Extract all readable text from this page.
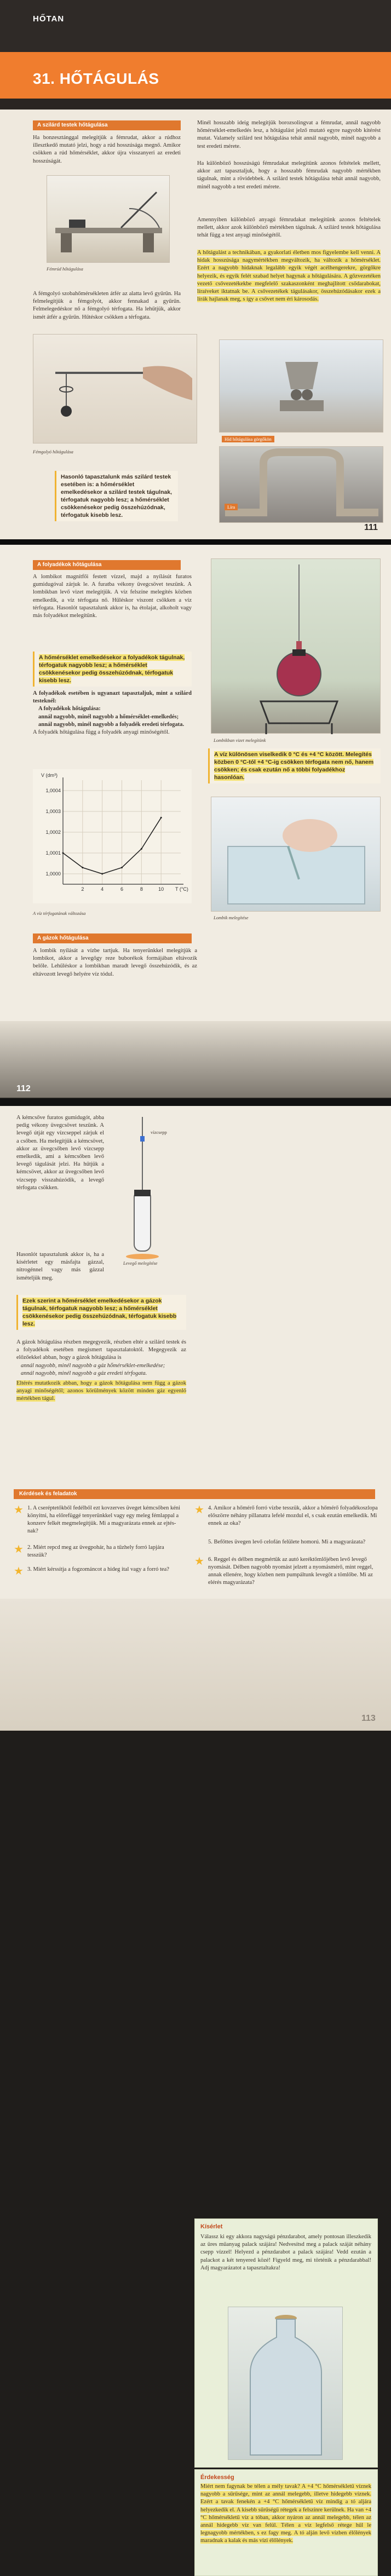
HŐTAN
31. HŐTÁGULÁS
A szilárd testek hőtágulása
Ha bonzesztánggal melegítjük a fémrudat, akkor a rúdhoz illesztkedő mutató jelzi, hogy a rúd hosszúsága megnő. Amikor csökken a rúd hőmérséklet, akkor újra visszanyeri az eredeti hosszúságát.
Fémrúd hőtágulása
A fémgolyó szobahőmérsékleten átfér az alatta levő gyűrűn. Ha felmelegítjük a fémgolyót, akkor fennakad a gyűrűn. Felmelegedéskor nő a fémgolyó térfogata. Ha lehűtjük, akkor ismét átfér a gyűrűn. Hűtéskor csökken a térfogata.
Fémgolyó hőtágulása
Hasonló tapasztalunk más szilárd testek esetében is: a hőmérséklet emelkedésekor a szilárd testek tágulnak, térfogatuk nagyobb lesz; a hőmérséklet csökkenésekor pedig összehúzódnak, térfogatuk kisebb lesz.
Minél hosszabb ideig melegítjük borozsolingvat a fémrudat, annál nagyobb hőmérséklet-emelkedés lesz, a hőtágulást jelző mutató egyre nagyobb kitérést mutat. Valamely szilárd test hőtágulása tehát annál nagyobb, minél nagyobb a test eredeti mérete.
Ha különböző hosszúságú fémrudakat melegítünk azonos feltételek mellett, akkor azt tapasztaljuk, hogy a hosszabb fémrudak nagyobb mértékben tágulnak, mint a rövidebbek. A szilárd testek hőtágulása tehát annál nagyobb, minél nagyobb a test eredeti mérete.
Amennyiben különböző anyagú fémrudakat melegítünk azonos feltételek mellett, akkor azok különböző mértékben tágulnak. A szilárd testek hőtágulása tehát függ a test anyagi minőségétől.
A hőtágulást a technikában, a gyakorlati életben mos figyelembe kell venni. A hidak hosszúsága nagymértékben megváltozik, ha változik a hőmérséklet. Ezért a nagyobb hidaknak legalább egyik végét acélhengerekre, görgőkre helyezik, és egyik felét szabad helyet hagynak a hőtágulására. A gőzvezetéken vezető csővezetékekbe megfelelő szakaszonként meghajlított csődarabokat, líraíveket iktatnak be. A csővezetékek tágulásakor, összehúzódásakor ezek a lírák hajlanak meg, s így a csővet nem éri károsodás.
Híd hőtágulása görgőkön
Líra
111
A folyadékok hőtágulása
A lombikot magnítfői festett vízzel, majd a nyílásút furatos gumidugóval zárjuk le. A furatba vékony üvegcsövet teszünk. A lombikban levő vizet melegítjük. A víz felszíne melegítés közben emelkedik, a víz térfogata nő. Hűléskor viszont csökken a víz térfogata. Hasonlót tapasztalunk akkor is, ha étolajat, alkoholt vagy más folyadékot melegítünk.
A hőmérséklet emelkedésekor a folyadékok tágulnak, térfogatuk nagyobb lesz; a hőmérséklet csökkenésekor pedig összehúzódnak, térfogatuk kisebb lesz.
A folyadékok esetében is ugyanazt tapasztaljuk, mint a szilárd testeknél:
A folyadékok hőtágulása:
annál nagyobb, minél nagyobb a hőmérséklet-emelkedés;
annál nagyobb, minél nagyobb a folyadék eredeti térfogata.
A folyadék hőtágulása függ a folyadék anyagi minőségétől.
1,0000
1,0001
1,0002
1,0003
1,0004
2	4	6	8	10
V (dm³)
T (°C)
A víz térfogatának változása
Lombikban vizet melegítünk
A víz különösen viselkedik 0 °C és +4 °C között. Melegítés közben 0 °C-tól +4 °C-ig csökken térfogata nem nő, hanem csökken; és csak ezután nő a többi folyadékhoz hasonlóan.
Lombik melegítése
A gázok hőtágulása
A lombik nyílását a vízbe tartjuk. Ha tenyerünkkel melegítjük a lombikot, akkor a levegőgy reze buborékok formájában eltávozik belőle. Lehűléskor a lombikban maradt levegő összehúzódik, és az eltávozott levegő helyére víz tódul.
112
A kémcsőve furatos gumidugót, abba pedig vékony üvegcsövet teszünk. A levegő útját egy vízcseppel zárjuk el a csőben. Ha melegítjük a kémcsövet, akkor az üvegcsőben levő vízcsepp emelkedik, ami a kémcsőben levő levegő tágulását jelzi. Ha hűtjük a kémcsövet, akkor az üvegcsőben levő vízcsepp visszahúzódik, a levegő térfogata csökken.
vízcsepp
Levegő melegítése
Hasonlót tapasztalunk akkor is, ha a kísérletet egy másfajta gázzal, nitrogénnel vagy más gázzal ismételjük meg.
Ezek szerint a hőmérséklet emelkedésekor a gázok tágulnak, térfogatuk nagyobb lesz; a hőmérséklet csökkenésekor pedig összehúzódnak, térfogatuk kisebb lesz.
A gázok hőtágulása részben megegyezik, részben eltér a szilárd testek és a folyadékok esetében megismert tapasztalatoktól. Megegyezik az előzőekkel abban, hogy a gázok hőtágulása is
annál nagyobb, minél nagyobb a gáz hőmérséklet-emelkedése;
annál nagyobb, minél nagyobb a gáz eredeti térfogata.
Eltérés mutatkozik abban, hogy a gázok hőtágulása nem függ a gázok anyagi minőségétől; azonos körülmények között minden gáz egyenlő mértékben tágul.
Kísérlet
Válassz ki egy akkora nagyságú pénzdarabot, amely pontosan illeszkedik az üres műanyag palack szájára! Nedvesítsd meg a palack száját néhány csepp vízzel! Helyezd a pénzdarabot a palack szájára! Vedd ezután a palackot a két tenyered közé! Figyeld meg, mi történik a pénzdarabbal! Adj magyarázatot a tapasztaltakra!
Érdekesség
Miért nem fagynak be télen a mély tavak? A +4 °C hőmérsékletű víznek nagyobb a sűrűsége, mint az annál melegebb, illetve hidegebb víznek. Ezért a tavak fenekén a +4 °C hőmérsékletű víz mindig a tó aljára helyezkedik el. A kisebb sűrűségű rétegek a felszínre kerülnek. Ha van +4 °C hőmérsékletű víz a tóban, akkor nyáron az annál melegebb, télen az annál hidegebb víz van felül. Télen a víz legfelső rétege hűl le legnagyobb mértékben, s ez fagy meg. A tó alján levő vízben élőlények maradnak a kalak és más vízi élőlények.
Kérdések és feladatok
★ 1. A cseréptetőkből fedélből ezt kovzerves üveget kémcsőben kéni könyitni, ha előrefüggé tenyerünkkel vagy egy meleg fémlappal a konzerv felkét megmelegítjük. Mi a magyarázata ennek az ejtésnak?
★ 2. Miért repcd meg az üvegpohár, ha a tűzhely forró lapjára tesszük?
★ 3. Miért kérssítja a fogzománcot a hideg ital vagy a forró tea?
★ 4. Amikor a hőmérő forró vízbe tesszük, akkor a hőmérő folyadékoszlopa előszörre néhány pillanatra lefelé mozdul el, s csak ezután emelkedik. Mi ennek az oka?
5. Befőttes üvegen levő celofán felülete homorú. Mi a magyarázata?
★ 6. Reggel és délben megmértük az autó keréktömlőjében levő levegő nyomását. Délben nagyobb nyomást jelzett a nyomásmérő, mint reggel, annak ellenére, hogy közben nem pumpáltunk levegőt a tömlőbe. Mi az elérés magyarázata?
113
